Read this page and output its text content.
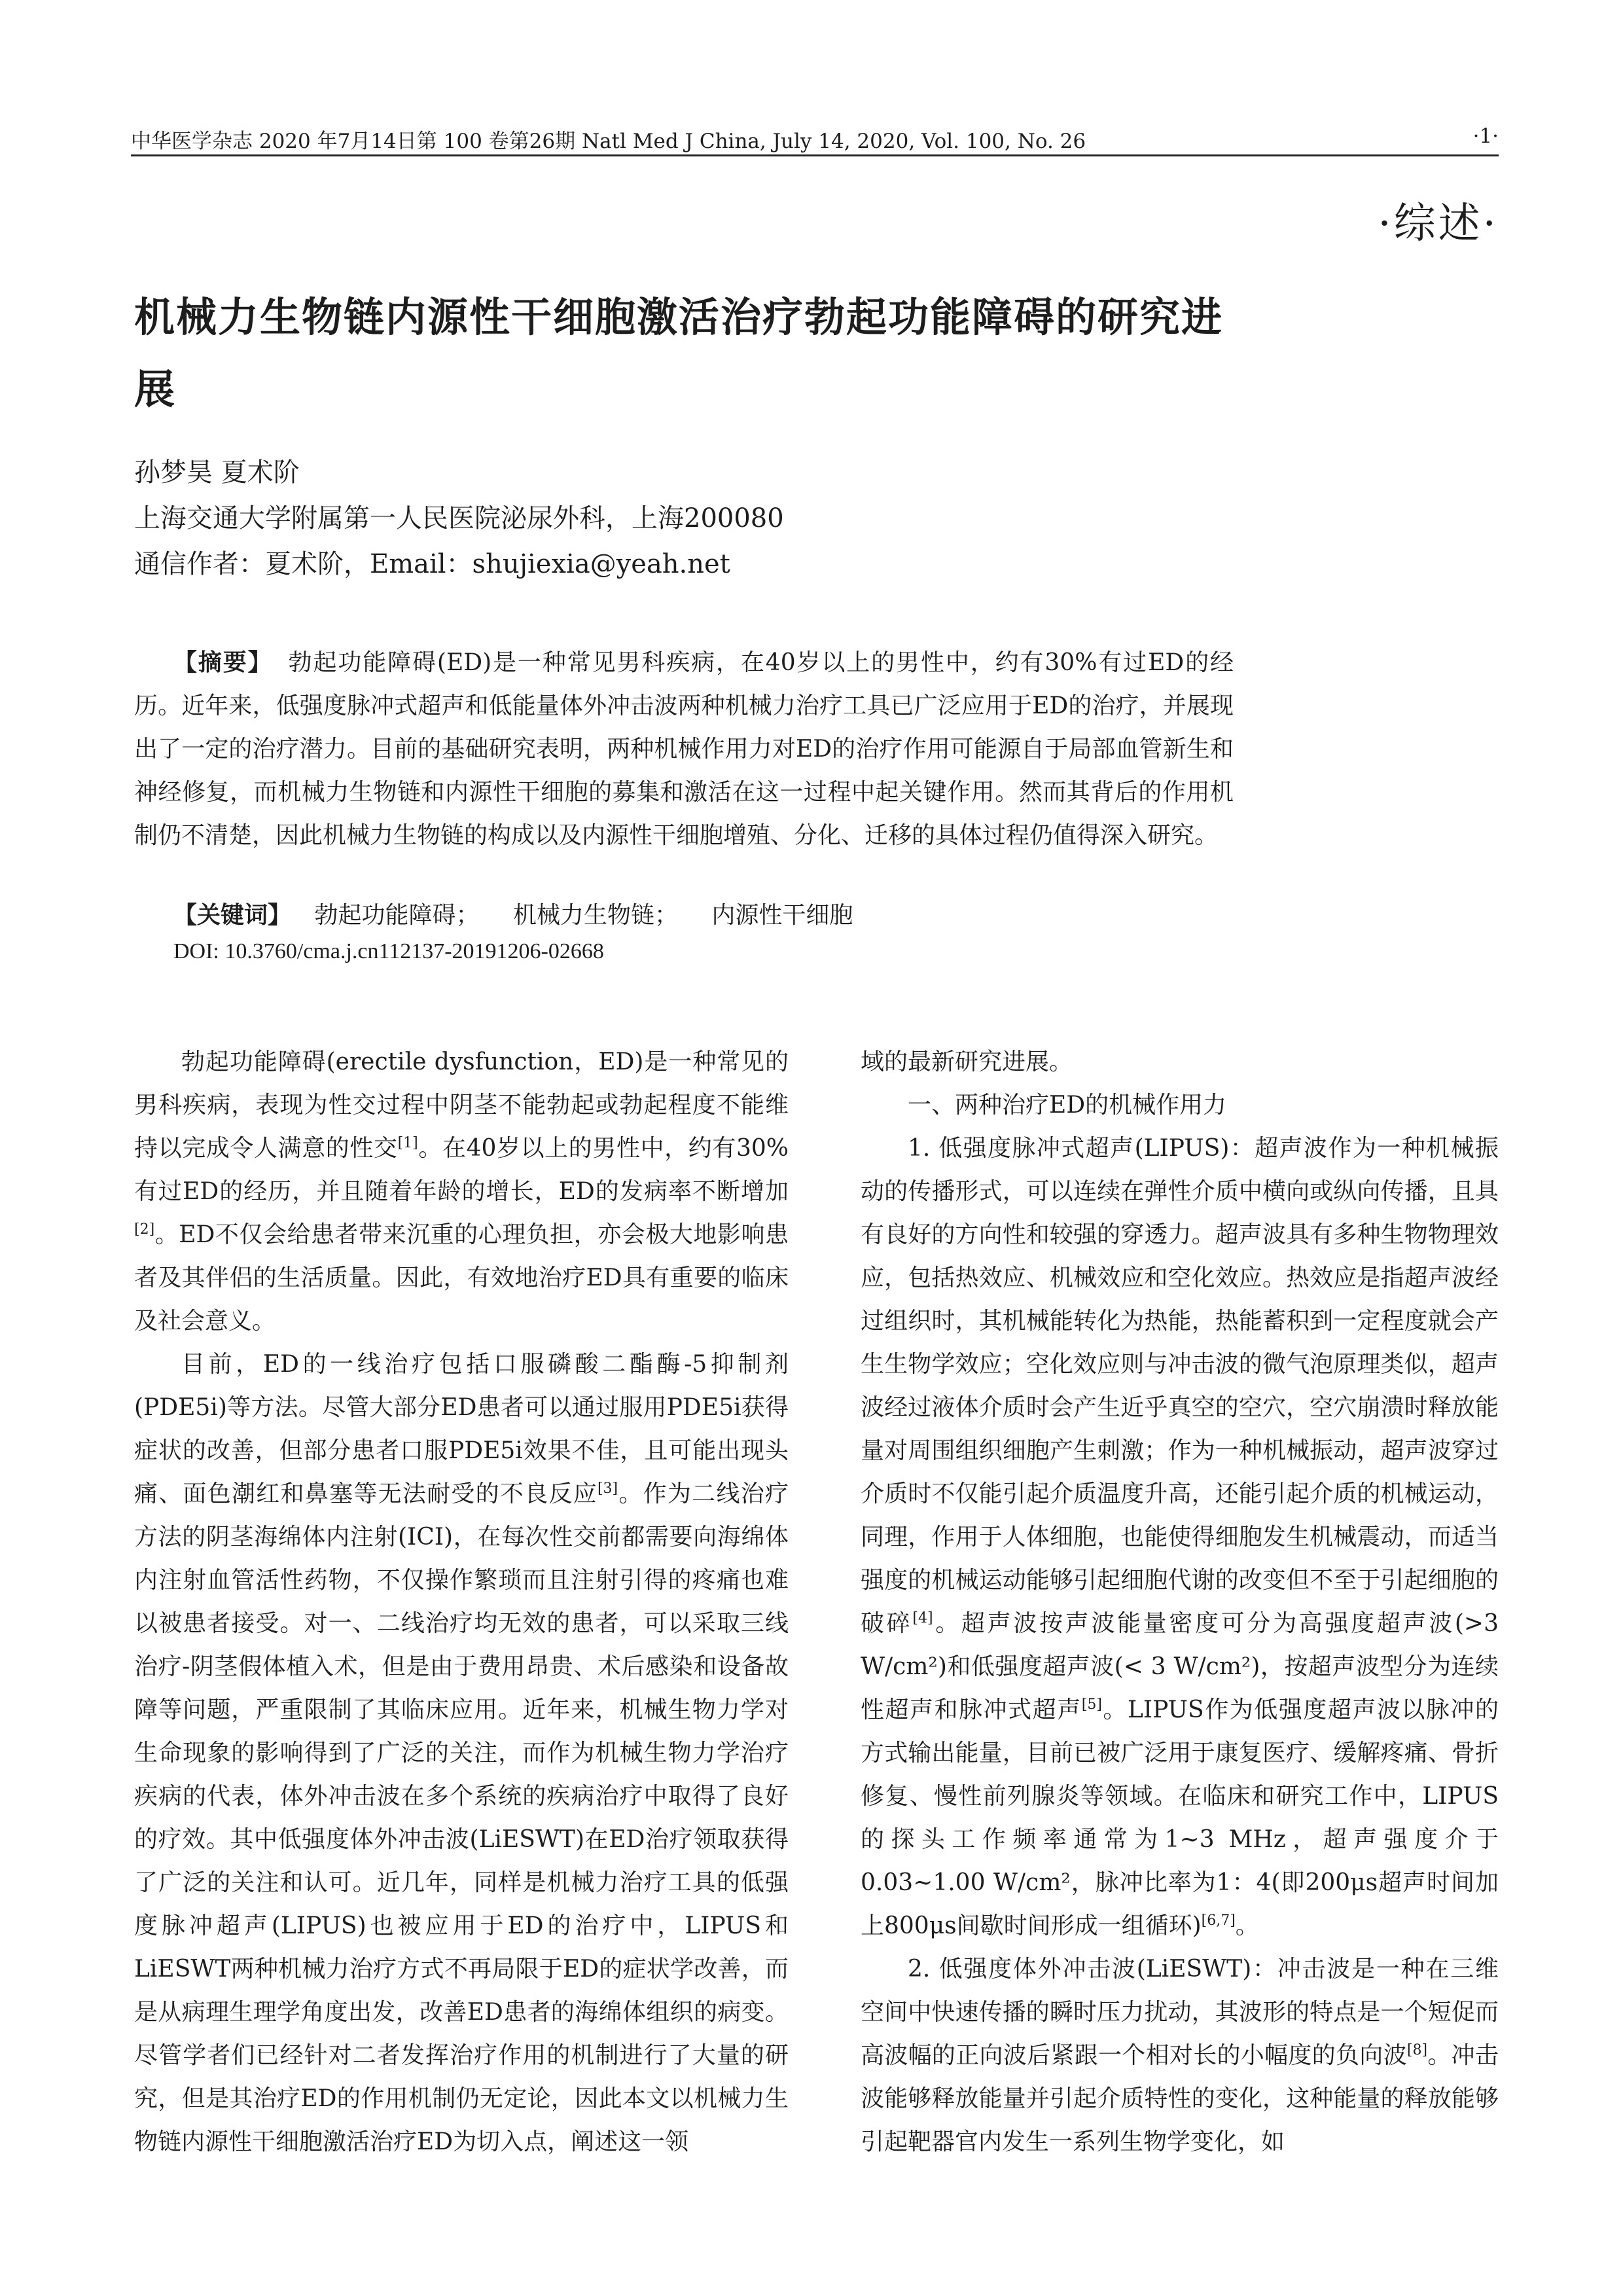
中华医学杂志 2020 年7月14日第 100 卷第26期 Natl Med J China, July 14, 2020, Vol. 100, No. 26	·1·
·综述·
机械力生物链内源性干细胞激活治疗勃起功能障碍的研究进展
孙梦昊 夏术阶
上海交通大学附属第一人民医院泌尿外科，上海200080
通信作者：夏术阶，Email：shujiexia@yeah.net
【摘要】 勃起功能障碍(ED)是一种常见男科疾病，在40岁以上的男性中，约有30%有过ED的经历。近年来，低强度脉冲式超声和低能量体外冲击波两种机械力治疗工具已广泛应用于ED的治疗，并展现出了一定的治疗潜力。目前的基础研究表明，两种机械作用力对ED的治疗作用可能源自于局部血管新生和神经修复，而机械力生物链和内源性干细胞的募集和激活在这一过程中起关键作用。然而其背后的作用机制仍不清楚，因此机械力生物链的构成以及内源性干细胞增殖、分化、迁移的具体过程仍值得深入研究。
【关键词】 勃起功能障碍； 机械力生物链； 内源性干细胞
DOI: 10.3760/cma.j.cn112137-20191206-02668

勃起功能障碍(erectile dysfunction，ED)是一种常见的男科疾病，表现为性交过程中阴茎不能勃起或勃起程度不能维持以完成令人满意的性交[1]。在40岁以上的男性中，约有30%有过ED的经历，并且随着年龄的增长，ED的发病率不断增加[2]。ED不仅会给患者带来沉重的心理负担，亦会极大地影响患者及其伴侣的生活质量。因此，有效地治疗ED具有重要的临床及社会意义。

目前，ED的一线治疗包括口服磷酸二酯酶-5抑制剂(PDE5i)等方法。尽管大部分ED患者可以通过服用PDE5i获得症状的改善，但部分患者口服PDE5i效果不佳，且可能出现头痛、面色潮红和鼻塞等无法耐受的不良反应[3]。作为二线治疗方法的阴茎海绵体内注射(ICI)，在每次性交前都需要向海绵体内注射血管活性药物，不仅操作繁琐而且注射引得的疼痛也难以被患者接受。对一、二线治疗均无效的患者，可以采取三线治疗-阴茎假体植入术，但是由于费用昂贵、术后感染和设备故障等问题，严重限制了其临床应用。近年来，机械生物力学对生命现象的影响得到了广泛的关注，而作为机械生物力学治疗疾病的代表，体外冲击波在多个系统的疾病治疗中取得了良好的疗效。其中低强度体外冲击波(LiESWT)在ED治疗领取获得了广泛的关注和认可。近几年，同样是机械力治疗工具的低强度脉冲超声(LIPUS)也被应用于ED的治疗中，LIPUS和LiESWT两种机械力治疗方式不再局限于ED的症状学改善，而是从病理生理学角度出发，改善ED患者的海绵体组织的病变。尽管学者们已经针对二者发挥治疗作用的机制进行了大量的研究，但是其治疗ED的作用机制仍无定论，因此本文以机械力生物链内源性干细胞激活治疗ED为切入点，阐述这一领

域的最新研究进展。

一、两种治疗ED的机械作用力

1. 低强度脉冲式超声(LIPUS)：超声波作为一种机械振动的传播形式，可以连续在弹性介质中横向或纵向传播，且具有良好的方向性和较强的穿透力。超声波具有多种生物物理效应，包括热效应、机械效应和空化效应。热效应是指超声波经过组织时，其机械能转化为热能，热能蓄积到一定程度就会产生生物学效应；空化效应则与冲击波的微气泡原理类似，超声波经过液体介质时会产生近乎真空的空穴，空穴崩溃时释放能量对周围组织细胞产生刺激；作为一种机械振动，超声波穿过介质时不仅能引起介质温度升高，还能引起介质的机械运动，同理，作用于人体细胞，也能使得细胞发生机械震动，而适当强度的机械运动能够引起细胞代谢的改变但不至于引起细胞的破碎[4]。超声波按声波能量密度可分为高强度超声波(>3 W/cm²)和低强度超声波(< 3 W/cm²)，按超声波型分为连续性超声和脉冲式超声[5]。LIPUS作为低强度超声波以脉冲的方式输出能量，目前已被广泛用于康复医疗、缓解疼痛、骨折修复、慢性前列腺炎等领域。在临床和研究工作中，LIPUS的探头工作频率通常为1~3 MHz，超声强度介于0.03~1.00 W/cm²，脉冲比率为1：4(即200μs超声时间加上800μs间歇时间形成一组循环)[6,7]。

2. 低强度体外冲击波(LiESWT)：冲击波是一种在三维空间中快速传播的瞬时压力扰动，其波形的特点是一个短促而高波幅的正向波后紧跟一个相对长的小幅度的负向波[8]。冲击波能够释放能量并引起介质特性的变化，这种能量的释放能够引起靶器官内发生一系列生物学变化，如
